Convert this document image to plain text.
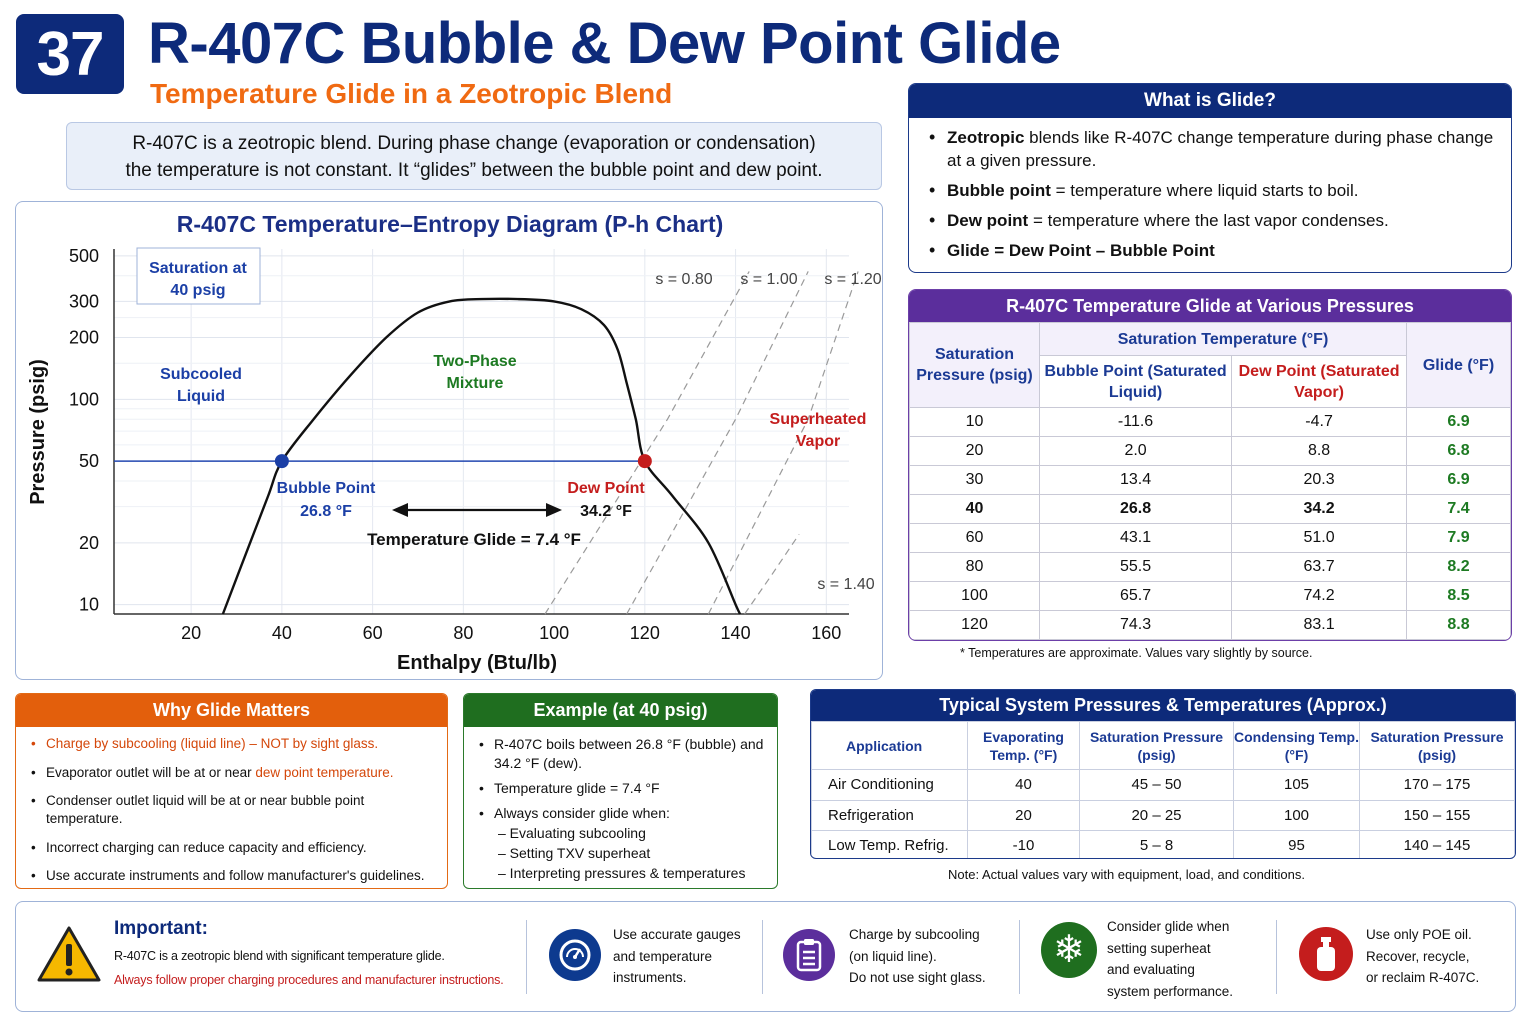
37 R-407C Bubble & Dew Point Glide
Temperature Glide in a Zeotropic Blend
R-407C is a zeotropic blend. During phase change (evaporation or condensation)
the temperature is not constant. It “glides” between the bubble point and dew point.
R-407C Temperature–Entropy Diagram (P-h Chart)
20	40	60	80	100	120	140	160
10
20
50
100
200
300
500
Enthalpy (Btu/lb)
Pressure (psig)
s = 0.80 s = 1.00 s = 1.20
s = 1.40
Saturation at
40 psig
Subcooled
Liquid
Two-Phase
Mixture
Superheated
Vapor
Bubble Point
26.8 °F
Dew Point
34.2 °F
Temperature Glide = 7.4 °F
What is Glide?
• Zeotropic blends like R-407C change temperature during phase change at a given pressure.
• Bubble point = temperature where liquid starts to boil.
• Dew point = temperature where the last vapor condenses.
• Glide = Dew Point – Bubble Point
R-407C Temperature Glide at Various Pressures
Saturation Pressure (psig)	Saturation Temperature (°F)		Glide (°F)
	Bubble Point (Saturated Liquid)	Dew Point (Saturated Vapor)	
10	-11.6	-4.7	6.9
20	2.0	8.8	6.8
30	13.4	20.3	6.9
40	26.8	34.2	7.4
60	43.1	51.0	7.9
80	55.5	63.7	8.2
100	65.7	74.2	8.5
120	74.3	83.1	8.8
* Temperatures are approximate. Values vary slightly by source.
Why Glide Matters
• Charge by subcooling (liquid line) – NOT by sight glass.
• Evaporator outlet will be at or near dew point temperature.
• Condenser outlet liquid will be at or near bubble point temperature.
• Incorrect charging can reduce capacity and efficiency.
• Use accurate instruments and follow manufacturer's guidelines.
Example (at 40 psig)
• R-407C boils between 26.8 °F (bubble) and 34.2 °F (dew).
• Temperature glide = 7.4 °F
• Always consider glide when:
– Evaluating subcooling
– Setting TXV superheat
– Interpreting pressures & temperatures
Typical System Pressures & Temperatures (Approx.)
Application	Evaporating Temp. (°F)	Saturation Pressure (psig)	Condensing Temp. (°F)	Saturation Pressure (psig)
Air Conditioning	40	45 – 50	105	170 – 175
Refrigeration	20	20 – 25	100	150 – 155
Low Temp. Refrig.	-10	5 – 8	95	140 – 145
Note: Actual values vary with equipment, load, and conditions.
Important:
R-407C is a zeotropic blend with significant temperature glide.
Always follow proper charging procedures and manufacturer instructions.
Use accurate gauges
and temperature
instruments.
Charge by subcooling
(on liquid line).
Do not use sight glass.
❄
Consider glide when
setting superheat
and evaluating
system performance.
Use only POE oil.
Recover, recycle,
or reclaim R-407C.
